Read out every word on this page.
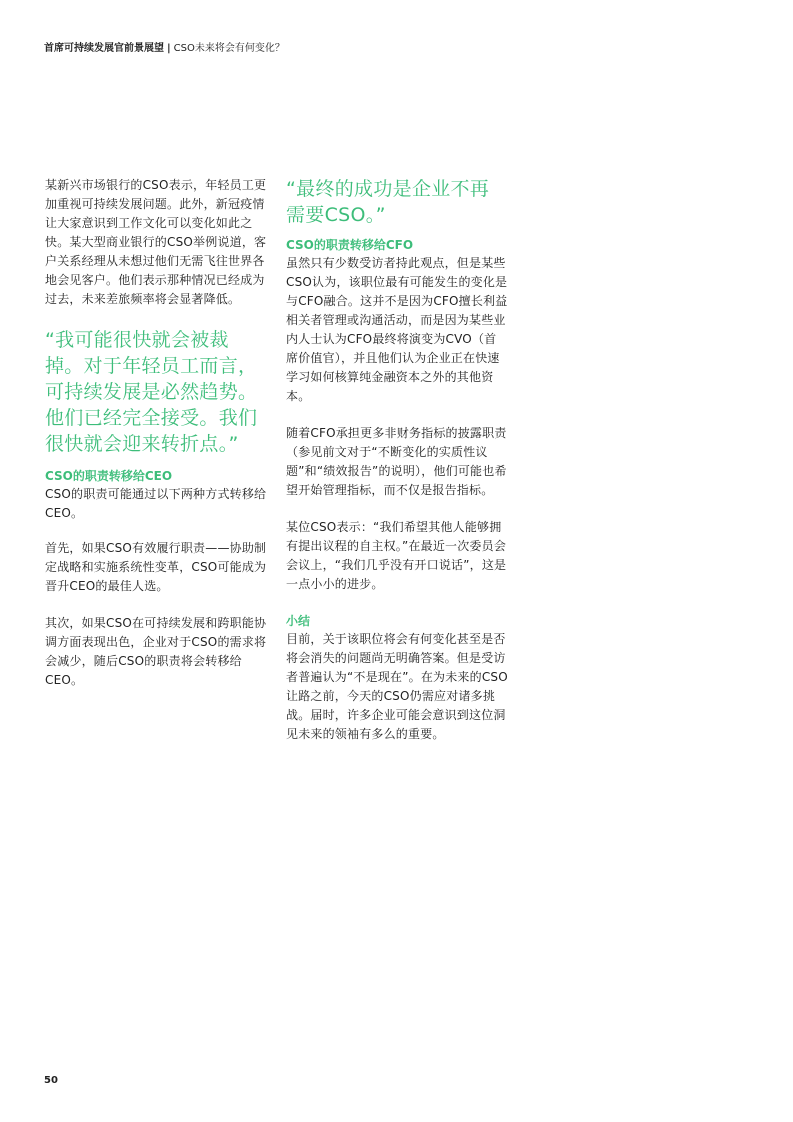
首席可持续发展官前景展望 | CSO未来将会有何变化？

某新兴市场银行的CSO表示，年轻员工更加重视可持续发展问题。此外，新冠疫情让大家意识到工作文化可以变化如此之快。某大型商业银行的CSO举例说道，客户关系经理从未想过他们无需飞往世界各地会见客户。他们表示那种情况已经成为过去，未来差旅频率将会显著降低。

“我可能很快就会被裁掉。对于年轻员工而言，可持续发展是必然趋势。他们已经完全接受。我们很快就会迎来转折点。”

CSO的职责转移给CEO

CSO的职责可能通过以下两种方式转移给CEO。

首先，如果CSO有效履行职责——协助制定战略和实施系统性变革，CSO可能成为晋升CEO的最佳人选。

其次，如果CSO在可持续发展和跨职能协调方面表现出色，企业对于CSO的需求将会减少，随后CSO的职责将会转移给CEO。

“最终的成功是企业不再需要CSO。”

CSO的职责转移给CFO

虽然只有少数受访者持此观点，但是某些CSO认为，该职位最有可能发生的变化是与CFO融合。这并不是因为CFO擅长利益相关者管理或沟通活动，而是因为某些业内人士认为CFO最终将演变为CVO（首席价值官），并且他们认为企业正在快速学习如何核算纯金融资本之外的其他资本。

随着CFO承担更多非财务指标的披露职责（参见前文对于“不断变化的实质性议题”和“绩效报告”的说明），他们可能也希望开始管理指标，而不仅是报告指标。

某位CSO表示：“我们希望其他人能够拥有提出议程的自主权。”在最近一次委员会会议上，“我们几乎没有开口说话”，这是一点小小的进步。

小结

目前，关于该职位将会有何变化甚至是否将会消失的问题尚无明确答案。但是受访者普遍认为“不是现在”。在为未来的CSO让路之前，今天的CSO仍需应对诸多挑战。届时，许多企业可能会意识到这位洞见未来的领袖有多么的重要。

50
